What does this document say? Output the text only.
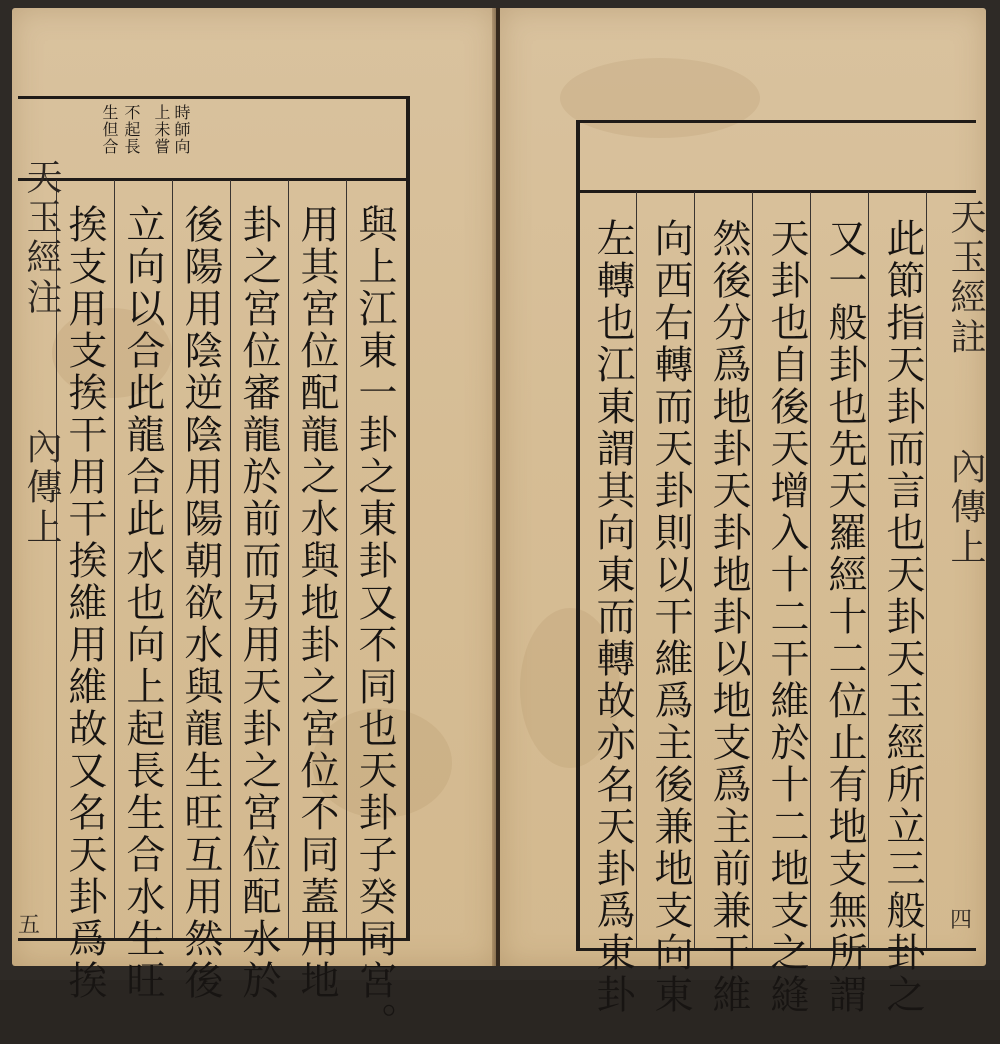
時師向
上未嘗
不起長
生但合
與上江東一卦之東卦又不同也天卦子癸同宮。
用其宮位配龍之水與地卦之宮位不同蓋用地
卦之宮位審龍於前而另用天卦之宮位配水於
後陽用陰逆陰用陽朝欲水與龍生旺互用然後
立向以合此龍合此水也向上起長生合水生旺
挨支用支挨干用干挨維用維故又名天卦爲挨
天玉經注
內傳上
五	此節指天卦而言也天卦天玉經所立三般卦之
又一般卦也先天羅經十二位止有地支無所謂
天卦也自後天增入十二干維於十二地支之縫
然後分爲地卦天卦地卦以地支爲主前兼干維
向西右轉而天卦則以干維爲主後兼地支向東
左轉也江東謂其向東而轉故亦名天卦爲東卦	天玉經註
內傳上
四
